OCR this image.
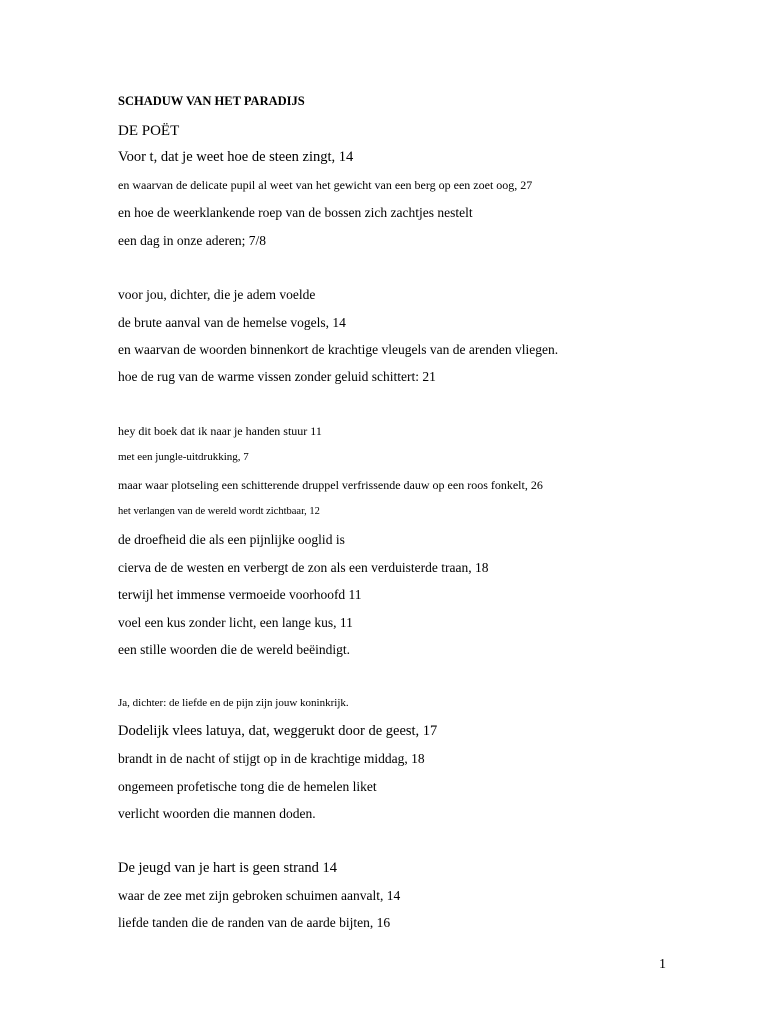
SCHADUW VAN HET PARADIJS
DE POËT
Voor t, dat je weet hoe de steen zingt, 14
en waarvan de delicate pupil al weet van het gewicht van een berg op een zoet oog, 27
en hoe de weerklankende roep van de bossen zich zachtjes nestelt
een dag in onze aderen; 7/8
voor jou, dichter, die je adem voelde
de brute aanval van de hemelse vogels, 14
en waarvan de woorden binnenkort de krachtige vleugels van de arenden vliegen.
hoe de rug van de warme vissen zonder geluid schittert: 21
hey dit boek dat ik naar je handen stuur 11
met een jungle-uitdrukking, 7
maar waar plotseling een schitterende druppel verfrissende dauw op een roos fonkelt, 26
het verlangen van de wereld wordt zichtbaar, 12
de droefheid die als een pijnlijke ooglid is
cierva de de westen en verbergt de zon als een verduisterde traan, 18
terwijl het immense vermoeide voorhoofd 11
voel een kus zonder licht, een lange kus, 11
een stille woorden die de wereld beëindigt.
Ja, dichter: de liefde en de pijn zijn jouw koninkrijk.
Dodelijk vlees latuya, dat, weggerukt door de geest, 17
brandt in de nacht of stijgt op in de krachtige middag, 18
ongemeen profetische tong die de hemelen liket
verlicht woorden die mannen doden.
De jeugd van je hart is geen strand 14
waar de zee met zijn gebroken schuimen aanvalt, 14
liefde tanden die de randen van de aarde bijten, 16
1
